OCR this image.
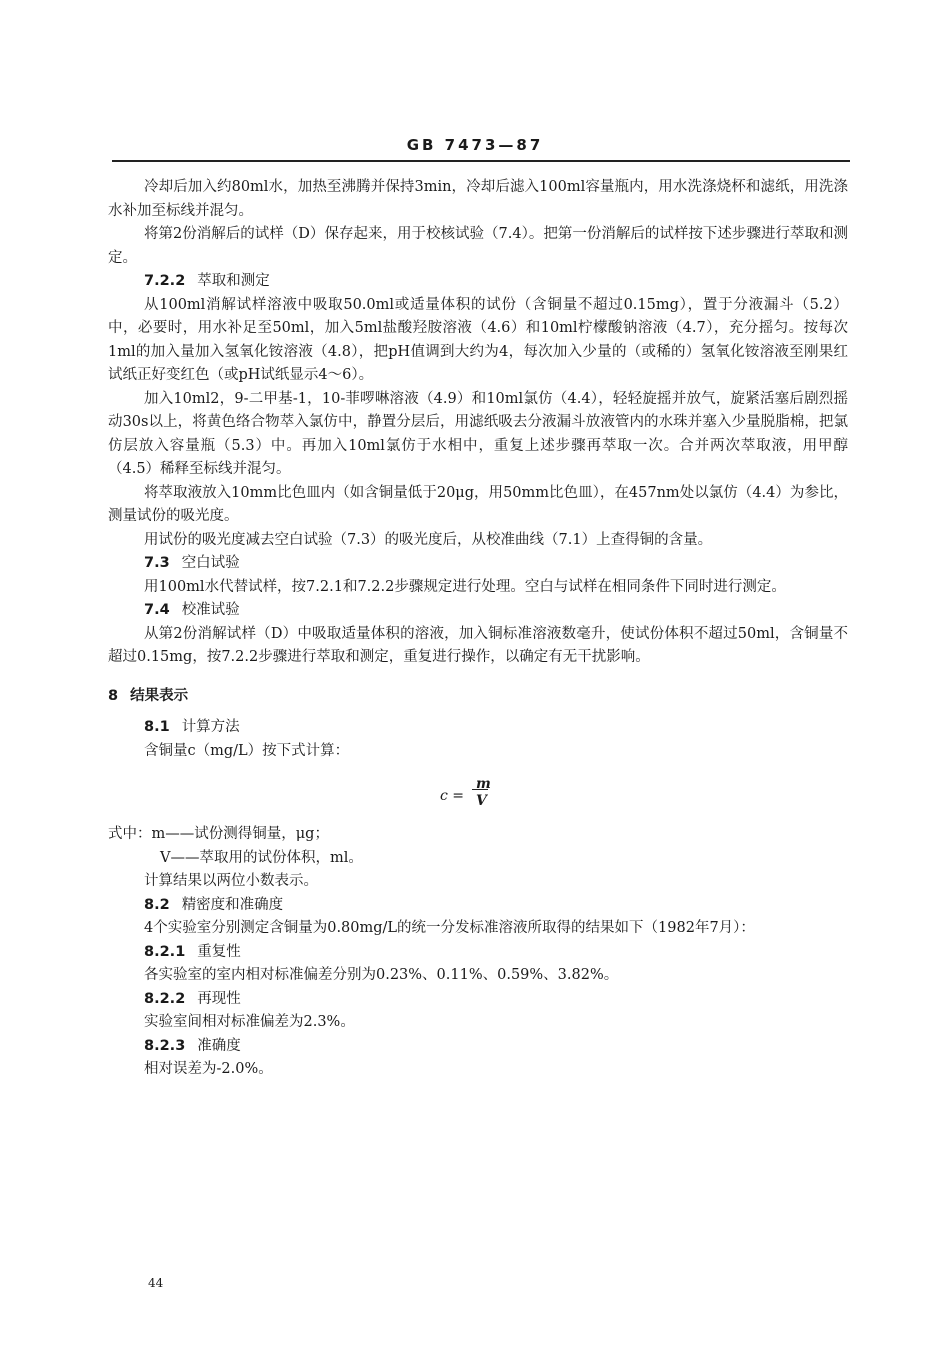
GB 7473—87

冷却后加入约80ml水，加热至沸腾并保持3min，冷却后滤入100ml容量瓶内，用水洗涤烧杯和滤纸，用洗涤水补加至标线并混匀。

将第2份消解后的试样（D）保存起来，用于校核试验（7.4）。把第一份消解后的试样按下述步骤进行萃取和测定。

7.2.2 萃取和测定

从100ml消解试样溶液中吸取50.0ml或适量体积的试份（含铜量不超过0.15mg），置于分液漏斗（5.2）中，必要时，用水补足至50ml，加入5ml盐酸羟胺溶液（4.6）和10ml柠檬酸钠溶液（4.7），充分摇匀。按每次1ml的加入量加入氢氧化铵溶液（4.8），把pH值调到大约为4，每次加入少量的（或稀的）氢氧化铵溶液至刚果红试纸正好变红色（或pH试纸显示4～6）。

加入10ml2，9-二甲基-1，10-菲啰啉溶液（4.9）和10ml氯仿（4.4），轻轻旋摇并放气，旋紧活塞后剧烈摇动30s以上，将黄色络合物萃入氯仿中，静置分层后，用滤纸吸去分液漏斗放液管内的水珠并塞入少量脱脂棉，把氯仿层放入容量瓶（5.3）中。再加入10ml氯仿于水相中，重复上述步骤再萃取一次。合并两次萃取液，用甲醇（4.5）稀释至标线并混匀。

将萃取液放入10mm比色皿内（如含铜量低于20μg，用50mm比色皿），在457nm处以氯仿（4.4）为参比，测量试份的吸光度。

用试份的吸光度减去空白试验（7.3）的吸光度后，从校准曲线（7.1）上查得铜的含量。

7.3 空白试验

用100ml水代替试样，按7.2.1和7.2.2步骤规定进行处理。空白与试样在相同条件下同时进行测定。

7.4 校准试验

从第2份消解试样（D）中吸取适量体积的溶液，加入铜标准溶液数毫升，使试份体积不超过50ml，含铜量不超过0.15mg，按7.2.2步骤进行萃取和测定，重复进行操作，以确定有无干扰影响。

8 结果表示

8.1 计算方法

含铜量c（mg/L）按下式计算：

c =
m
V

式中：m——试份测得铜量，μg；

V——萃取用的试份体积，ml。

计算结果以两位小数表示。

8.2 精密度和准确度

4个实验室分别测定含铜量为0.80mg/L的统一分发标准溶液所取得的结果如下（1982年7月）：

8.2.1 重复性

各实验室的室内相对标准偏差分别为0.23%、0.11%、0.59%、3.82%。

8.2.2 再现性

实验室间相对标准偏差为2.3%。

8.2.3 准确度

相对误差为-2.0%。

44
